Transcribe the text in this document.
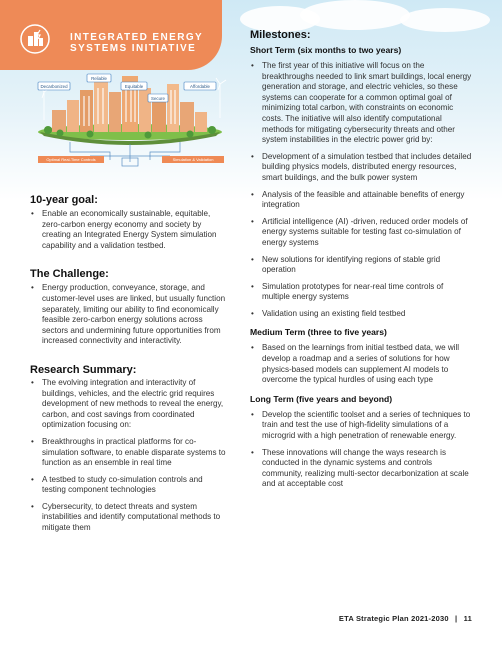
INTEGRATED ENERGY
SYSTEMS INITIATIVE
Decarbonized
Reliable
Equitable
Secure
Affordable
Optimal Real-Time Controls	Simulation & Validation
10-year goal:
• Enable an economically sustainable, equitable, zero-carbon energy economy and society by creating an Integrated Energy System simulation capability and a validation testbed.
The Challenge:
• Energy production, conveyance, storage, and customer-level uses are linked, but usually function separately, limiting our ability to find economically feasible zero-carbon energy solutions across sectors and undermining future opportunities from increased connectivity and interactivity.
Research Summary:
• The evolving integration and interactivity of buildings, vehicles, and the electric grid requires development of new methods to reveal the energy, carbon, and cost savings from coordinated optimization focusing on:
• Breakthroughs in practical platforms for co-simulation software, to enable disparate systems to function as an ensemble in real time
• A testbed to study co-simulation controls and testing component technologies
• Cybersecurity, to detect threats and system instabilities and identify computational methods to mitigate them
Milestones:
Short Term (six months to two years)
• The first year of this initiative will focus on the breakthroughs needed to link smart buildings, local energy generation and storage, and electric vehicles, so these systems can cooperate for a common optimal goal of minimizing total carbon, with constraints on economic costs. The initiative will also identify computational methods for mitigating cybersecurity threats and other system instabilities in the electric power grid by:
• Development of a simulation testbed that includes detailed building physics models, distributed energy resources, smart buildings, and the bulk power system
• Analysis of the feasible and attainable benefits of energy integration
• Artificial intelligence (AI) -driven, reduced order models of energy systems suitable for testing fast co-simulation of energy systems
• New solutions for identifying regions of stable grid operation
• Simulation prototypes for near-real time controls of multiple energy systems
• Validation using an existing field testbed
Medium Term (three to five years)
• Based on the learnings from initial testbed data, we will develop a roadmap and a series of solutions for how physics-based models can supplement AI models to overcome the typical hurdles of using each type
Long Term (five years and beyond)
• Develop the scientific toolset and a series of techniques to train and test the use of high-fidelity simulations of a microgrid with a high penetration of renewable energy.
• These innovations will change the ways research is conducted in the dynamic systems and controls community, realizing multi-sector decarbonization at scale and at acceptable cost
ETA Strategic Plan 2021-2030 | 11
